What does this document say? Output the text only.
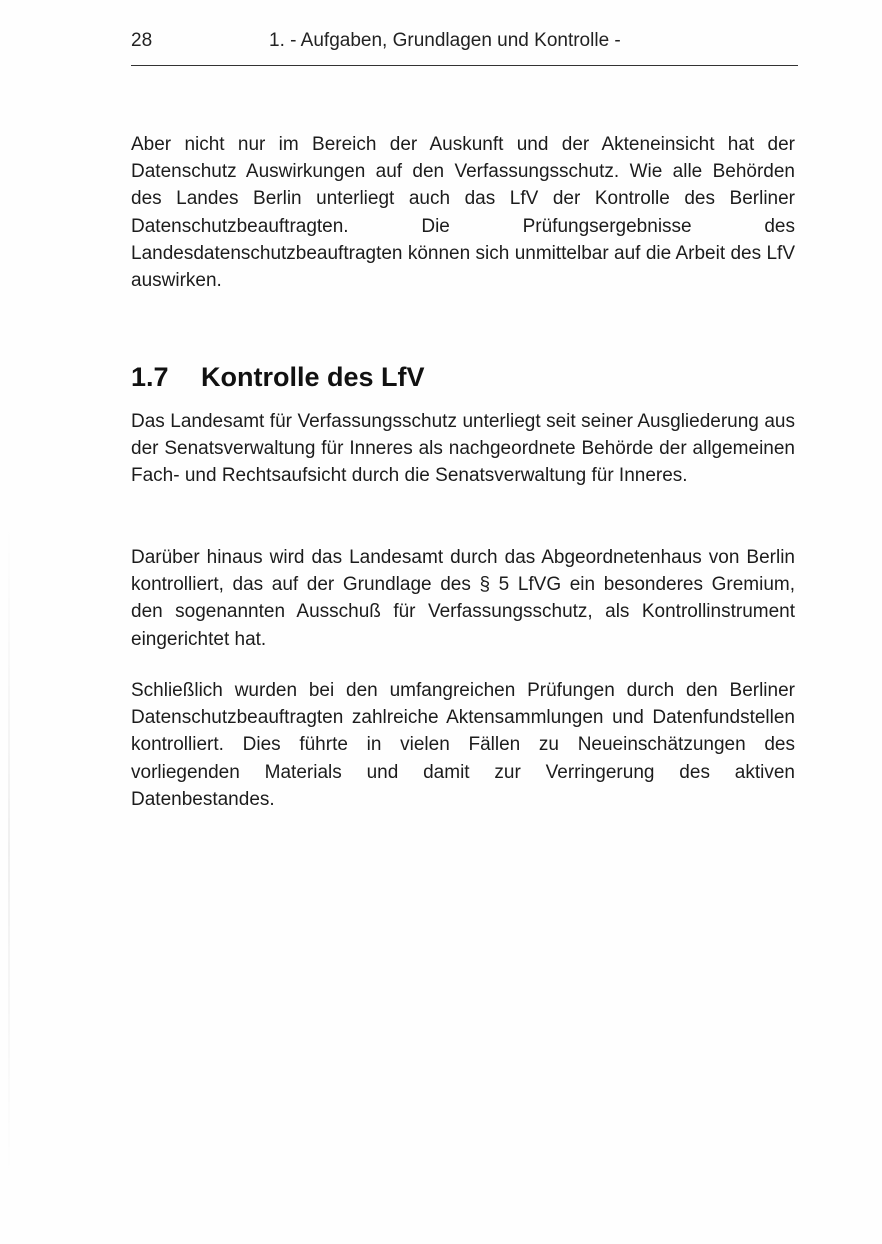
28	1. - Aufgaben, Grundlagen und Kontrolle -

Aber nicht nur im Bereich der Auskunft und der Akteneinsicht hat der Datenschutz Auswirkungen auf den Verfassungsschutz. Wie alle Behörden des Landes Berlin unterliegt auch das LfV der Kontrolle des Berliner Datenschutzbeauftragten. Die Prüfungsergebnisse des Landesdatenschutzbeauftragten können sich unmittelbar auf die Arbeit des LfV auswirken.

1.7 Kontrolle des LfV

Das Landesamt für Verfassungsschutz unterliegt seit seiner Ausgliederung aus der Senatsverwaltung für Inneres als nachgeordnete Behörde der allgemeinen Fach- und Rechtsaufsicht durch die Senatsverwaltung für Inneres.

Darüber hinaus wird das Landesamt durch das Abgeordnetenhaus von Berlin kontrolliert, das auf der Grundlage des § 5 LfVG ein besonderes Gremium, den sogenannten Ausschuß für Verfassungsschutz, als Kontrollinstrument eingerichtet hat.

Schließlich wurden bei den umfangreichen Prüfungen durch den Berliner Datenschutzbeauftragten zahlreiche Aktensammlungen und Datenfundstellen kontrolliert. Dies führte in vielen Fällen zu Neueinschätzungen des vorliegenden Materials und damit zur Verringerung des aktiven Datenbestandes.
